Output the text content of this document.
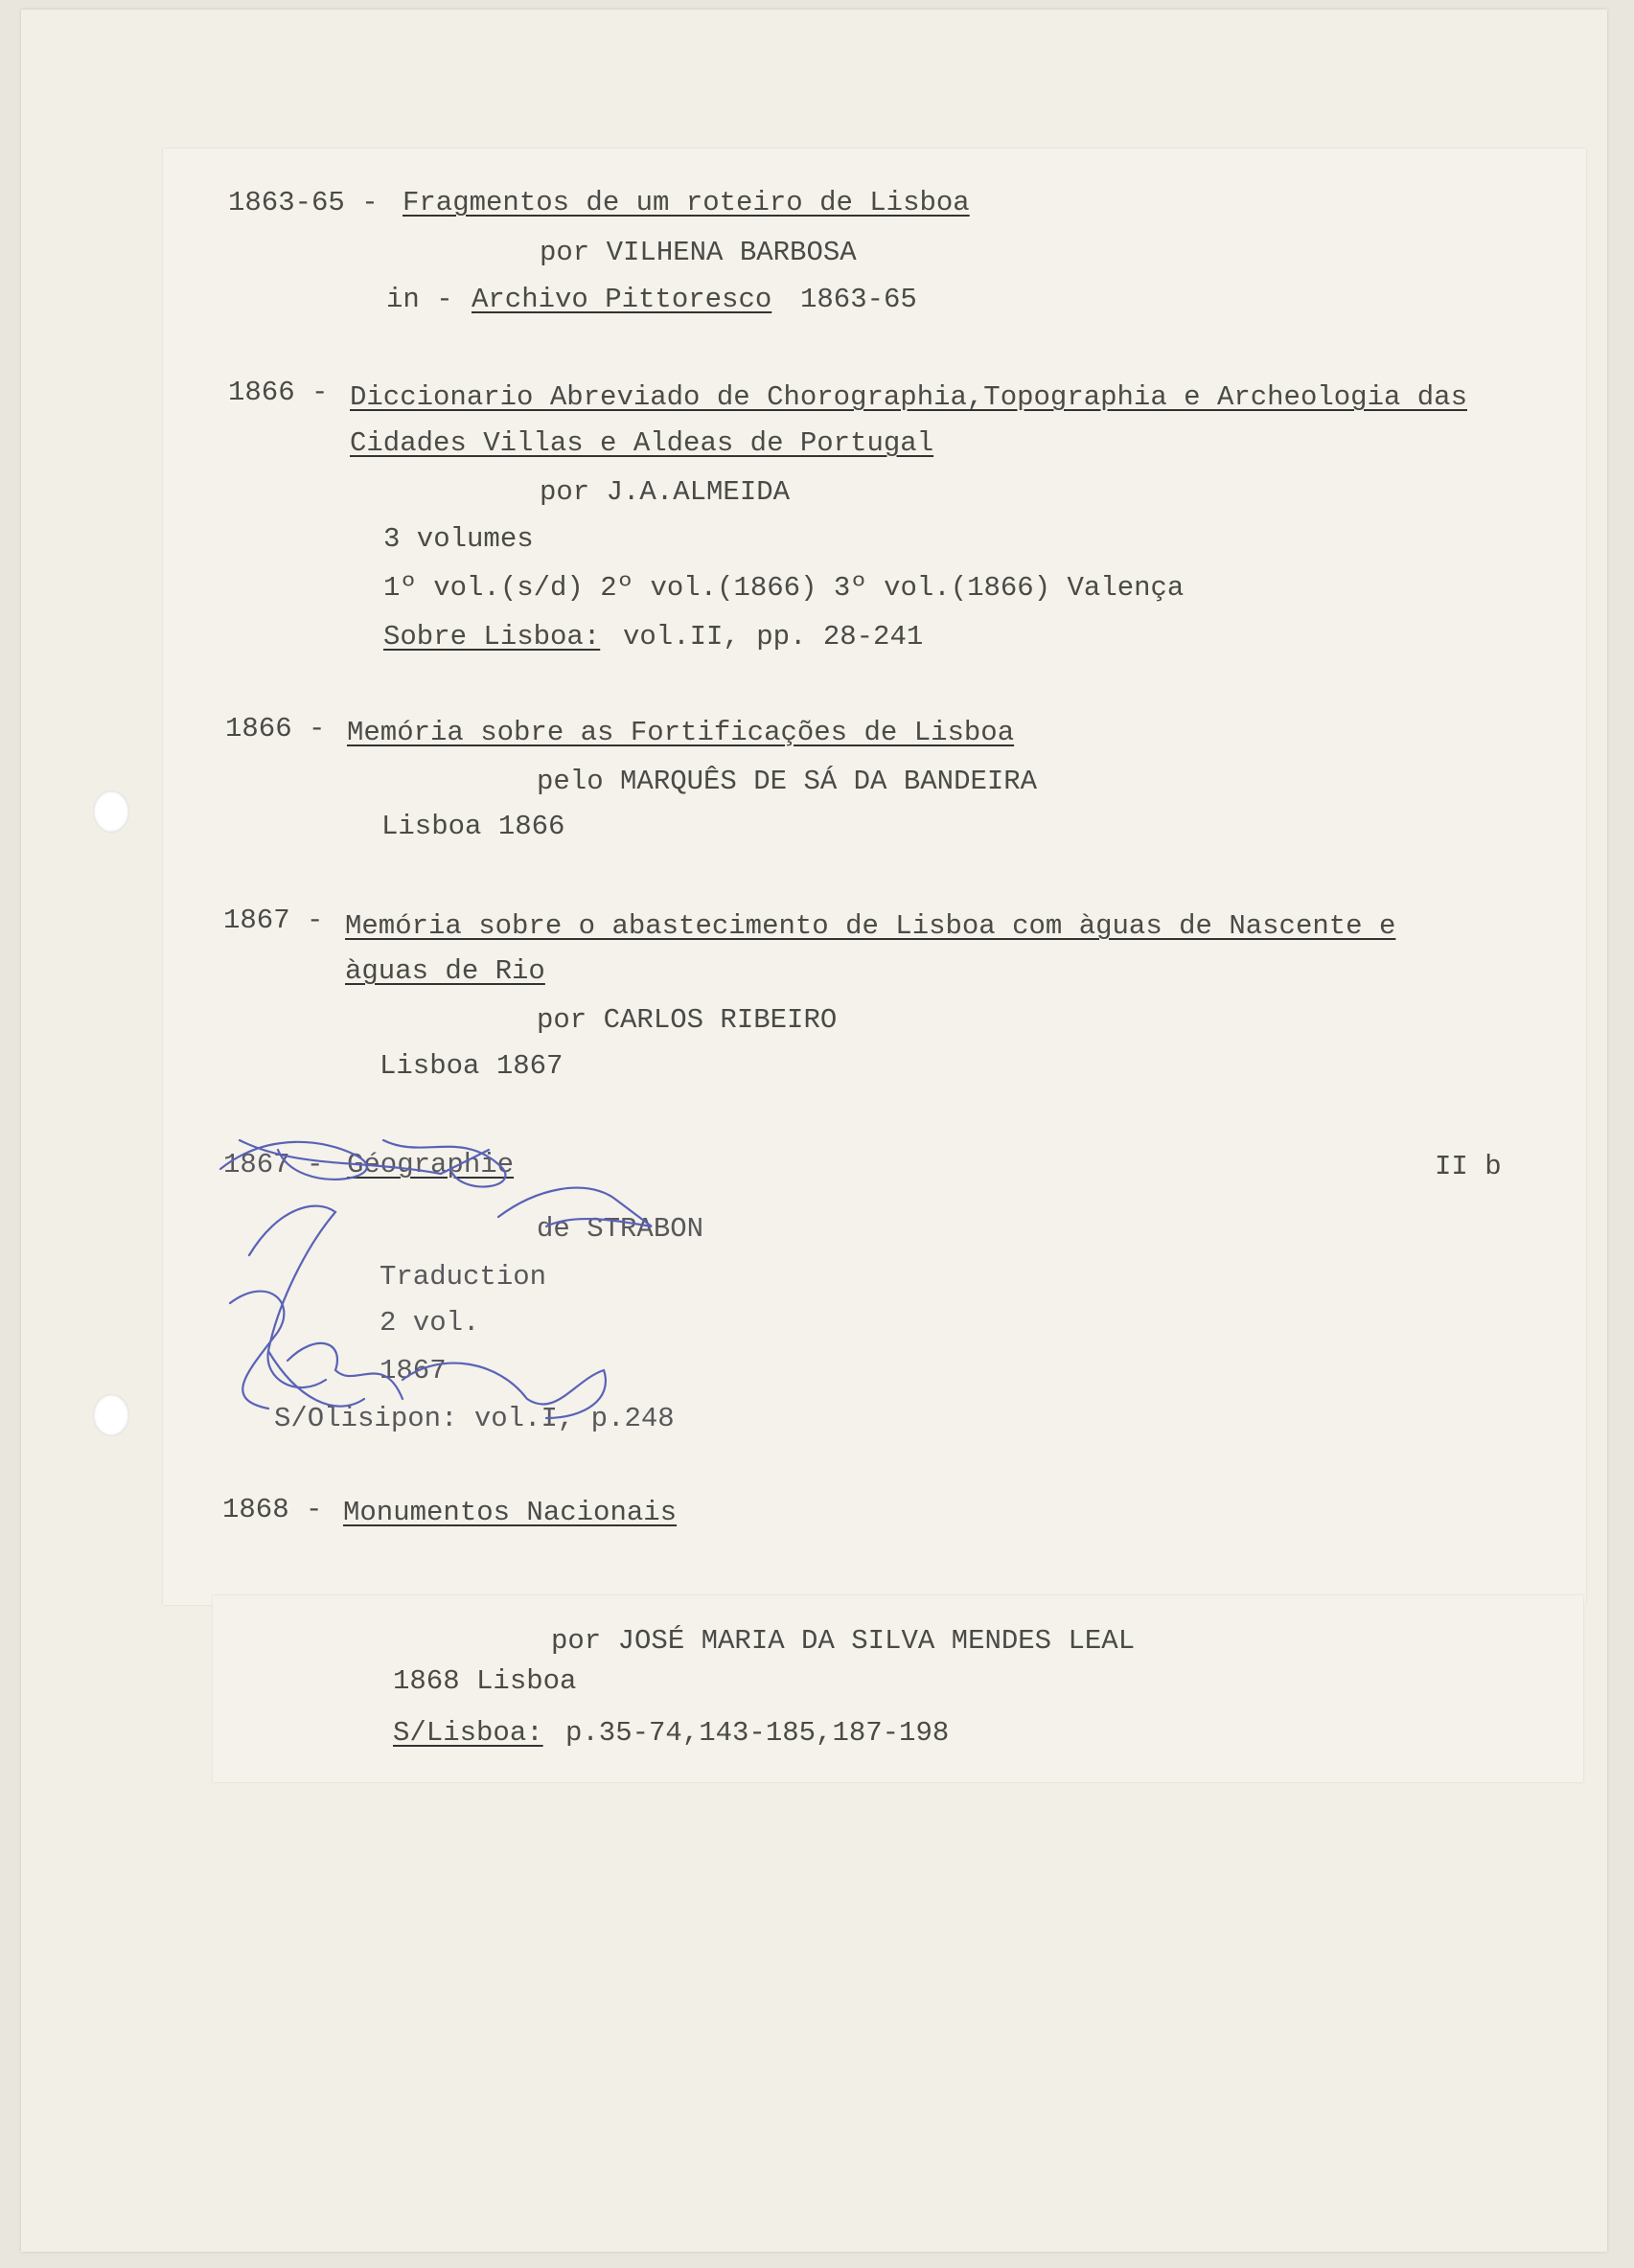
1863-65 - Fragmentos de um roteiro de Lisboa
por VILHENA BARBOSA
in - Archivo Pittoresco 1863-65
1866 - Diccionario Abreviado de Chorographia,Topographia e Archeologia das
Cidades Villas e Aldeas de Portugal
por J.A.ALMEIDA
3 volumes
1º vol.(s/d) 2º vol.(1866) 3º vol.(1866) Valença
Sobre Lisboa: vol.II, pp. 28-241
1866 - Memória sobre as Fortificações de Lisboa
pelo MARQUÊS DE SÁ DA BANDEIRA
Lisboa 1866
1867 - Memória sobre o abastecimento de Lisboa com àguas de Nascente e
àguas de Rio
por CARLOS RIBEIRO
Lisboa 1867
1867 - Géographie
de STRABON
Traduction
2 vol.
1867
S/Olisipon: vol.I, p.248
II b
1868 - Monumentos Nacionais
por JOSÉ MARIA DA SILVA MENDES LEAL
1868 Lisboa
S/Lisboa: p.35-74,143-185,187-198
